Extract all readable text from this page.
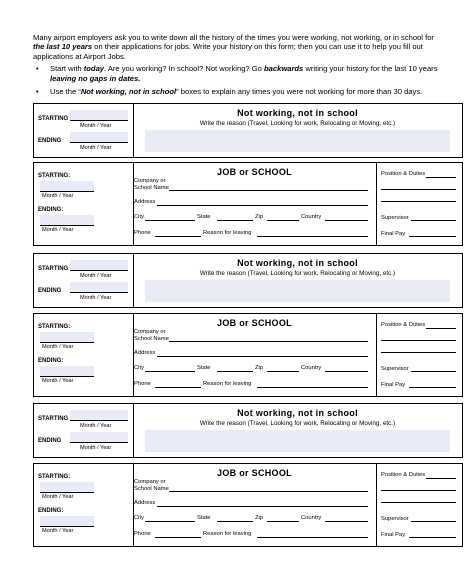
Many airport employers ask you to write down all the history of the times you were working, not working, or in school for

the last 10 years on their applications for jobs. Write your history on this form; then you can use it to help you fill out

applications at Airport Jobs.

• Start with today. Are you working? In school? Not working? Go backwards writing your history for the last 10 years
leaving no gaps in dates.
• Use the “Not working, not in school” boxes to explain any times you were not working for more than 30 days.
STARTING
Month / Year
ENDING
Month / Year
Not working, not in school
Write the reason (Travel, Looking for work, Relocating or Moving, etc.)
STARTING:
Month / Year
ENDING:
Month / Year
JOB or SCHOOL
Company or
School Name
Address
City	State	Zip	Country
Phone	Reason for leaving
Position & Duties
Supervisor
Final Pay
STARTING
Month / Year
ENDING
Month / Year
Not working, not in school
Write the reason (Travel, Looking for work, Relocating or Moving, etc.)
STARTING:
Month / Year
ENDING:
Month / Year
JOB or SCHOOL
Company or
School Name
Address
City	State	Zip	Country
Phone	Reason for leaving
Position & Duties
Supervisor
Final Pay
STARTING
Month / Year
ENDING
Month / Year
Not working, not in school
Write the reason (Travel, Looking for work, Relocating or Moving, etc.)
STARTING:
Month / Year
ENDING:
Month / Year
JOB or SCHOOL
Company or
School Name
Address
City	State	Zip	Country
Phone	Reason for leaving
Position & Duties
Supervisor
Final Pay
